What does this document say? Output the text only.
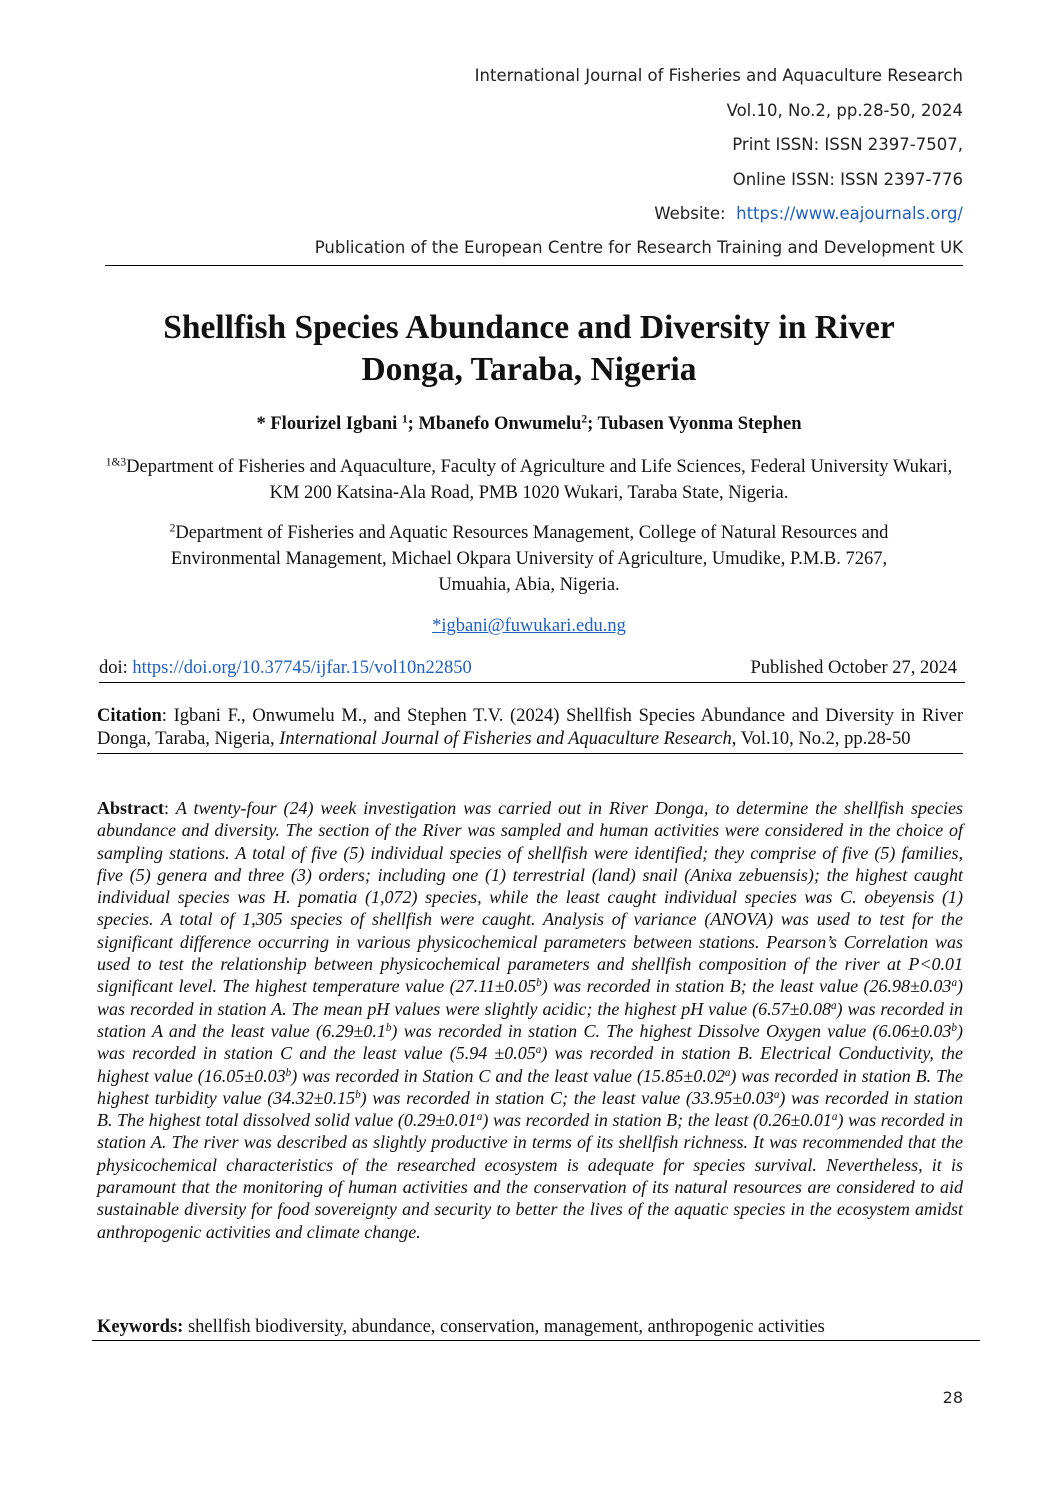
International Journal of Fisheries and Aquaculture Research
Vol.10, No.2, pp.28-50, 2024
Print ISSN: ISSN 2397-7507,
Online ISSN: ISSN 2397-776
Website: https://www.eajournals.org/
Publication of the European Centre for Research Training and Development UK
Shellfish Species Abundance and Diversity in River
Donga, Taraba, Nigeria
* Flourizel Igbani $^1$; Mbanefo Onwumelu$^2$; Tubasen Vyonma Stephen
$^{1\&3}$Department of Fisheries and Aquaculture, Faculty of Agriculture and Life Sciences, Federal University Wukari, KM 200 Katsina-Ala Road, PMB 1020 Wukari, Taraba State, Nigeria.
$^2$Department of Fisheries and Aquatic Resources Management, College of Natural Resources and
Environmental Management, Michael Okpara University of Agriculture, Umudike, P.M.B. 7267,
Umuahia, Abia, Nigeria.
*igbani@fuwukari.edu.ng
doi: https://doi.org/10.37745/ijfar.15/vol10n22850	Published October 27, 2024
Citation: Igbani F., Onwumelu M., and Stephen T.V. (2024) Shellfish Species Abundance and Diversity in River Donga, Taraba, Nigeria, International Journal of Fisheries and Aquaculture Research, Vol.10, No.2, pp.28-50
Abstract: A twenty-four (24) week investigation was carried out in River Donga, to determine the shellfish species abundance and diversity. The section of the River was sampled and human activities were considered in the choice of sampling stations. A total of five (5) individual species of shellfish were identified; they comprise of five (5) families, five (5) genera and three (3) orders; including one (1) terrestrial (land) snail (Anixa zebuensis); the highest caught individual species was H. pomatia (1,072) species, while the least caught individual species was C. obeyensis (1) species. A total of 1,305 species of shellfish were caught. Analysis of variance (ANOVA) was used to test for the significant difference occurring in various physicochemical parameters between stations. Pearson’s Correlation was used to test the relationship between physicochemical parameters and shellfish composition of the river at P<0.01 significant level. The highest temperature value (27.11±0.05$^b$) was recorded in station B; the least value (26.98±0.03$^a$) was recorded in station A. The mean pH values were slightly acidic; the highest pH value (6.57±0.08$^a$) was recorded in station A and the least value (6.29±0.1$^b$) was recorded in station C. The highest Dissolve Oxygen value (6.06±0.03$^b$) was recorded in station C and the least value (5.94 ±0.05$^a$) was recorded in station B. Electrical Conductivity, the highest value (16.05±0.03$^b$) was recorded in Station C and the least value (15.85±0.02$^a$) was recorded in station B. The highest turbidity value (34.32±0.15$^b$) was recorded in station C; the least value (33.95±0.03$^a$) was recorded in station B. The highest total dissolved solid value (0.29±0.01$^a$) was recorded in station B; the least (0.26±0.01$^a$) was recorded in station A. The river was described as slightly productive in terms of its shellfish richness. It was recommended that the physicochemical characteristics of the researched ecosystem is adequate for species survival. Nevertheless, it is paramount that the monitoring of human activities and the conservation of its natural resources are considered to aid sustainable diversity for food sovereignty and security to better the lives of the aquatic species in the ecosystem amidst anthropogenic activities and climate change.
Keywords: shellfish biodiversity, abundance, conservation, management, anthropogenic activities
28
